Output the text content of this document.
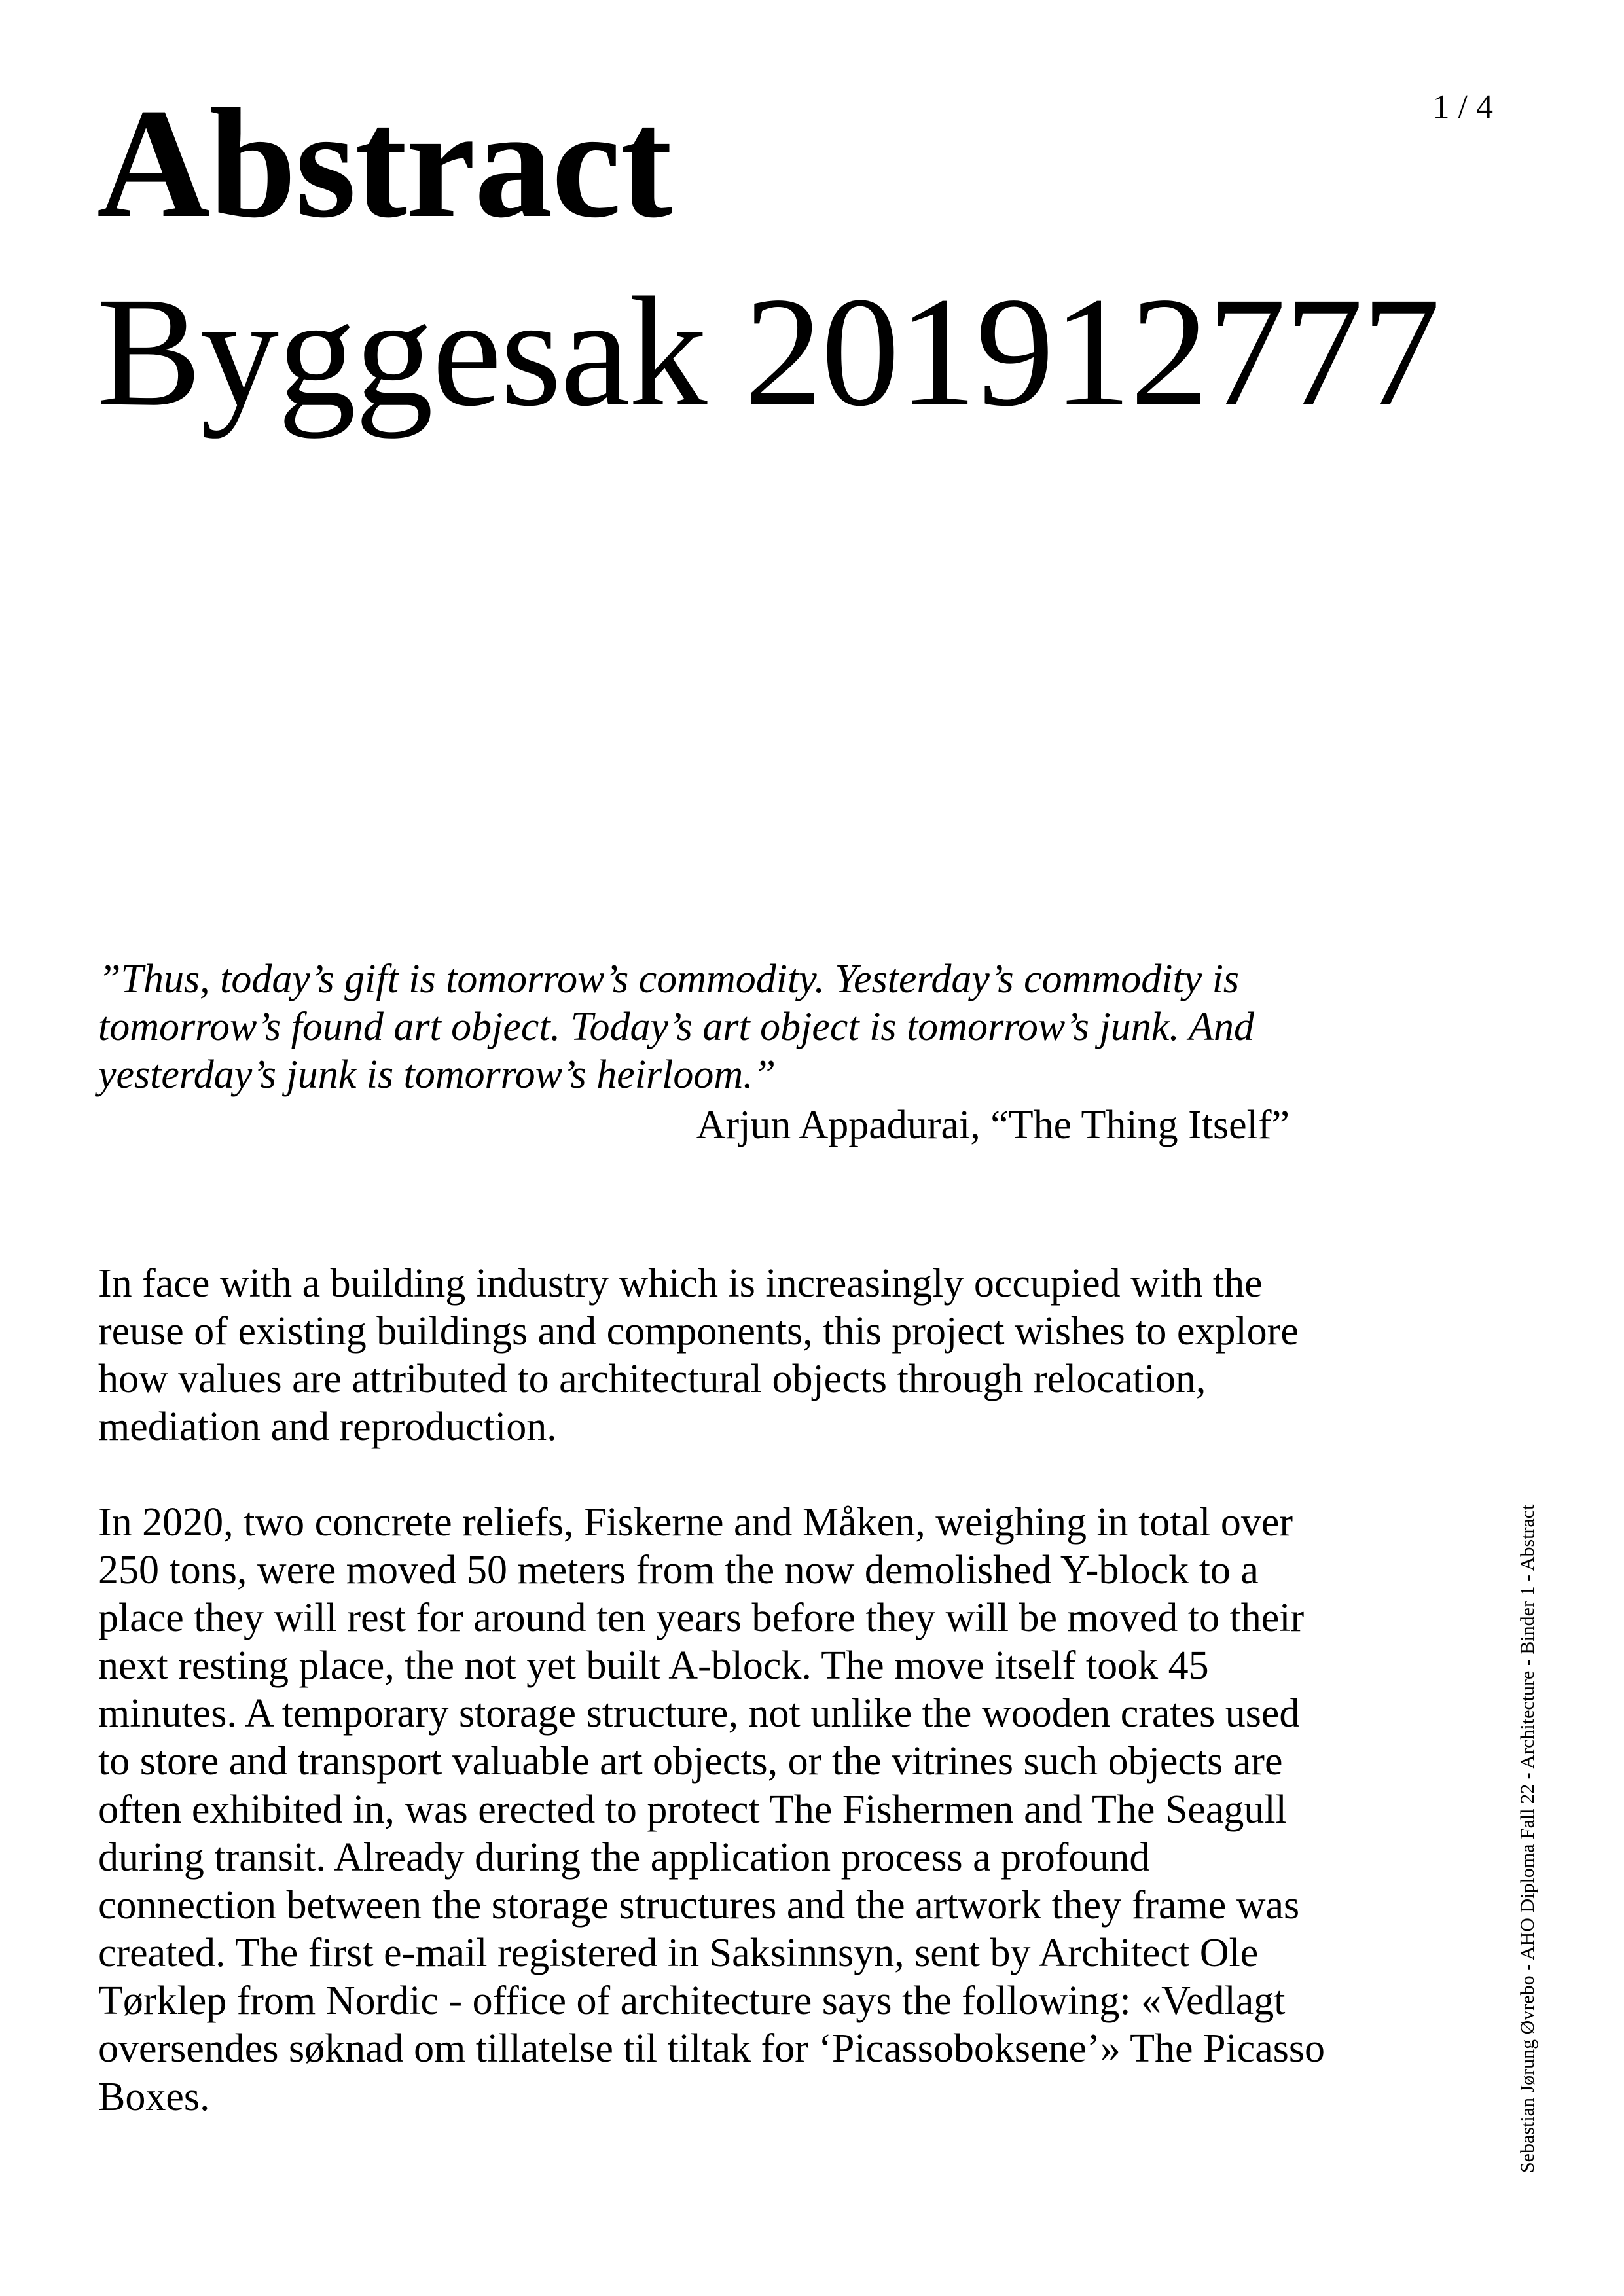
1 / 4
Abstract
Byggesak 201912777

”Thus, today’s gift is tomorrow’s commodity. Yesterday’s commodity is tomorrow’s found art object. Today’s art object is tomorrow’s junk. And yesterday’s junk is tomorrow’s heirloom.”

Arjun Appadurai, “The Thing Itself”

In face with a building industry which is increasingly occupied with the reuse of existing buildings and components, this project wishes to explore how values are attributed to architectural objects through relocation, mediation and reproduction.

In 2020, two concrete reliefs, Fiskerne and Måken, weighing in total over 250 tons, were moved 50 meters from the now demolished Y-block to a place they will rest for around ten years before they will be moved to their next resting place, the not yet built A-block. The move itself took 45 minutes. A temporary storage structure, not unlike the wooden crates used to store and transport valuable art objects, or the vitrines such objects are often exhibited in, was erected to protect The Fishermen and The Seagull during transit. Already during the application process a profound connection between the storage structures and the artwork they frame was created. The first e-mail registered in Saksinnsyn, sent by Architect Ole Tørklep from Nordic - office of architecture says the following: «Vedlagt oversendes søknad om tillatelse til tiltak for ‘Picassoboksene’» The Picasso Boxes.	Sebastian Jørung Øvrebo - AHO Diploma Fall 22 - Architecture - Binder 1 - Abstract
